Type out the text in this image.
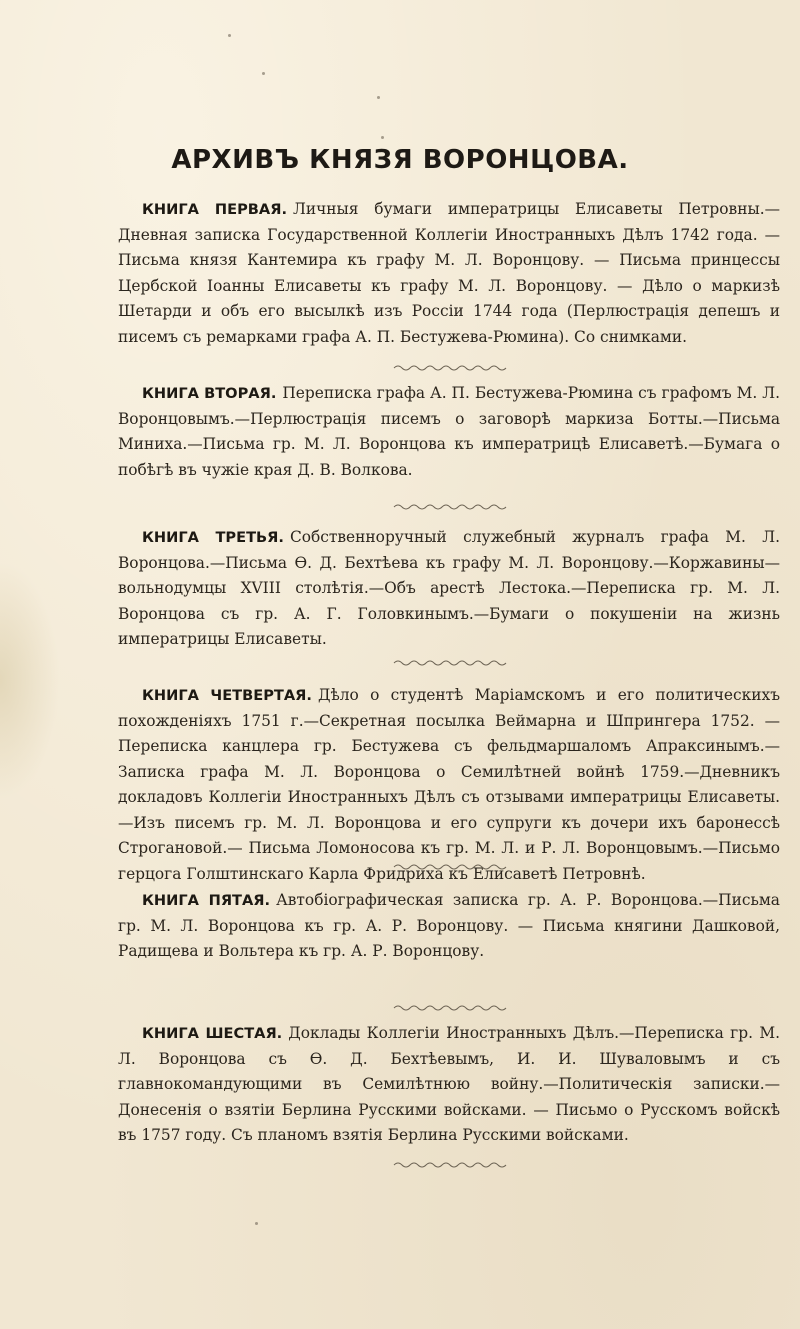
АРХИВЪ КНЯЗЯ ВОРОНЦОВА.
КНИГА ПЕРВАЯ. Личныя бумаги императрицы Елисаветы Петровны.—Дневная записка Государственной Коллегіи Иностранныхъ Дѣлъ 1742 года. — Письма князя Кантемира къ графу М. Л. Воронцову. — Письма принцессы Цербской Іоанны Елисаветы къ графу М. Л. Воронцову. — Дѣло о маркизѣ Шетарди и объ его высылкѣ изъ Россіи 1744 года (Перлюстрація депешъ и писемъ съ ремарками графа А. П. Бестужева-Рюмина). Со снимками.
КНИГА ВТОРАЯ. Переписка графа А. П. Бестужева-Рюмина съ графомъ М. Л. Воронцовымъ.—Перлюстрація писемъ о заговорѣ маркиза Ботты.—Письма Миниха.—Письма гр. М. Л. Воронцова къ императрицѣ Елисаветѣ.—Бумага о побѣгѣ въ чужіе края Д. В. Волкова.
КНИГА ТРЕТЬЯ. Собственноручный служебный журналъ графа М. Л. Воронцова.—Письма Ѳ. Д. Бехтѣева къ графу М. Л. Воронцову.—Коржавины—вольнодумцы XVIII столѣтія.—Объ арестѣ Лестока.—Переписка гр. М. Л. Воронцова съ гр. А. Г. Головкинымъ.—Бумаги о покушеніи на жизнь императрицы Елисаветы.
КНИГА ЧЕТВЕРТАЯ. Дѣло о студентѣ Маріамскомъ и его политическихъ похожденіяхъ 1751 г.—Секретная посылка Веймарна и Шпрингера 1752. — Переписка канцлера гр. Бестужева съ фельдмаршаломъ Апраксинымъ.—Записка графа М. Л. Воронцова о Семилѣтней войнѣ 1759.—Дневникъ докладовъ Коллегіи Иностранныхъ Дѣлъ съ отзывами императрицы Елисаветы.—Изъ писемъ гр. М. Л. Воронцова и его супруги къ дочери ихъ баронессѣ Строгановой.— Письма Ломоносова къ гр. М. Л. и Р. Л. Воронцовымъ.—Письмо герцога Голштинскаго Карла Фридриха къ Елисаветѣ Петровнѣ.
КНИГА ПЯТАЯ. Автобіографическая записка гр. А. Р. Воронцова.—Письма гр. М. Л. Воронцова къ гр. А. Р. Воронцову. — Письма княгини Дашковой, Радищева и Вольтера къ гр. А. Р. Воронцову.
КНИГА ШЕСТАЯ. Доклады Коллегіи Иностранныхъ Дѣлъ.—Переписка гр. М. Л. Воронцова съ Ѳ. Д. Бехтѣевымъ, И. И. Шуваловымъ и съ главнокомандующими въ Семилѣтнюю войну.—Политическія записки.—Донесенія о взятіи Берлина Русскими войсками. — Письмо о Русскомъ войскѣ въ 1757 году. Съ планомъ взятія Берлина Русскими войсками.
